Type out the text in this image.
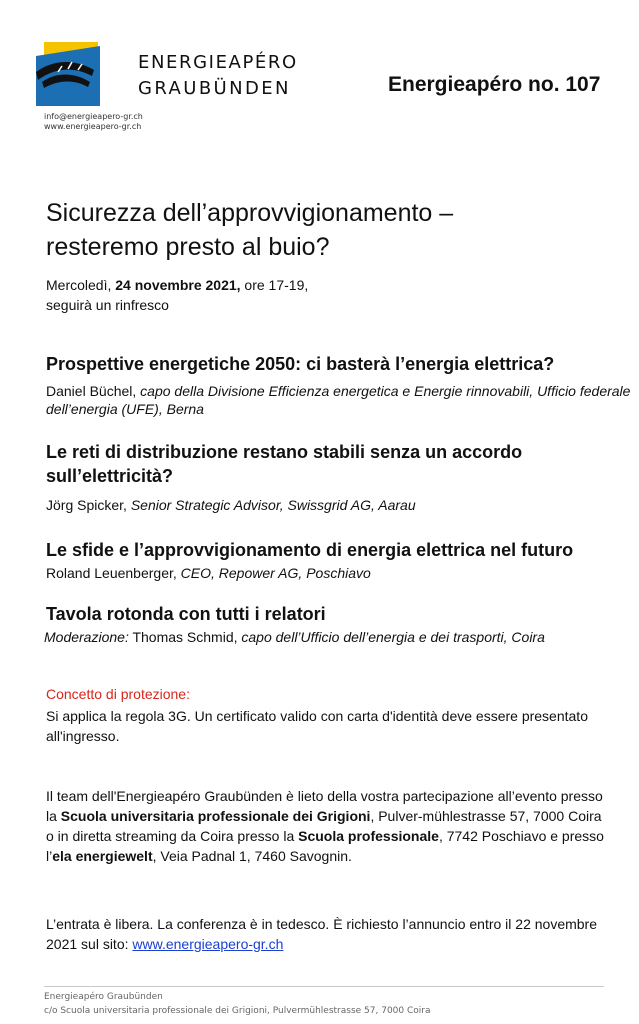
ENERGIEAPÉRO
GRAUBÜNDEN
info@energieapero-gr.ch
www.energieapero-gr.ch
Energieapéro no. 107
Sicurezza dell’approvvigionamento –
resteremo presto al buio?
Mercoledì, 24 novembre 2021, ore 17-19,
seguirà un rinfresco
Prospettive energetiche 2050: ci basterà l’energia elettrica?
Daniel Büchel, capo della Divisione Efficienza energetica e Energie rinnovabili, Ufficio federale dell’energia (UFE), Berna
Le reti di distribuzione restano stabili senza un accordo sull’elettricità?
Jörg Spicker, Senior Strategic Advisor, Swissgrid AG, Aarau
Le sfide e l’approvvigionamento di energia elettrica nel futuro
Roland Leuenberger, CEO, Repower AG, Poschiavo
Tavola rotonda con tutti i relatori
Moderazione: Thomas Schmid, capo dell’Ufficio dell’energia e dei trasporti, Coira
Concetto di protezione:
Si applica la regola 3G. Un certificato valido con carta d'identità deve essere presentato all'ingresso.
Il team dell'Energieapéro Graubünden è lieto della vostra partecipazione all’evento presso la Scuola universitaria professionale dei Grigioni, Pulver-mühlestrasse 57, 7000 Coira o in diretta streaming da Coira presso la Scuola professionale, 7742 Poschiavo e presso l’ela energiewelt, Veia Padnal 1, 7460 Savognin.
L’entrata è libera. La conferenza è in tedesco. È richiesto l’annuncio entro il 22 novembre 2021 sul sito: www.energieapero-gr.ch
Energieapéro Graubünden
c/o Scuola universitaria professionale dei Grigioni, Pulvermühlestrasse 57, 7000 Coira
